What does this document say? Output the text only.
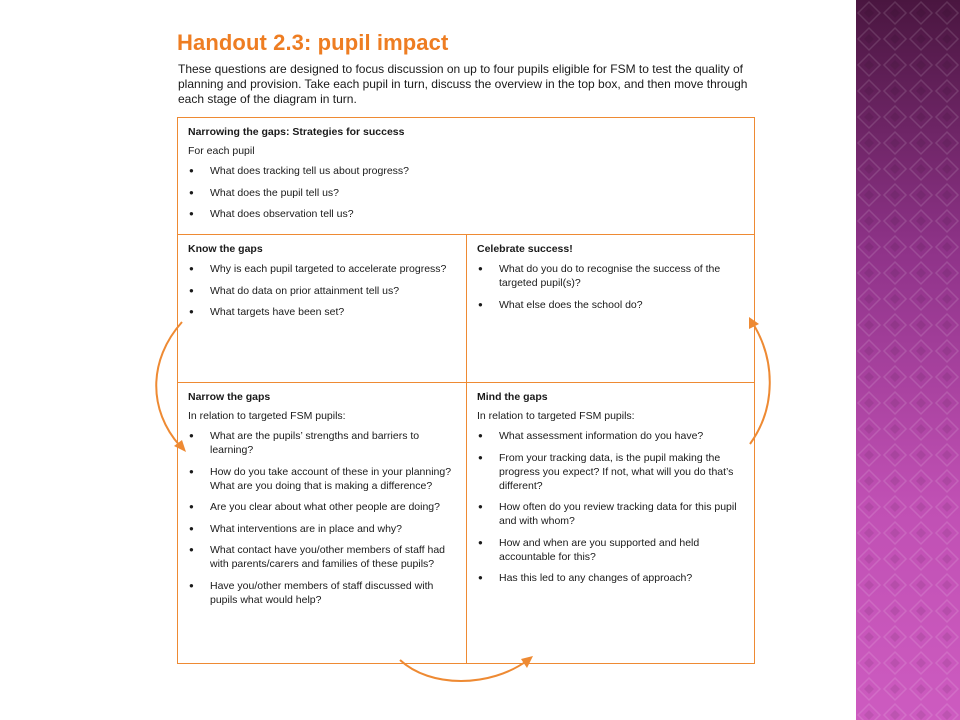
Handout 2.3: pupil impact

These questions are designed to focus discussion on up to four pupils eligible for FSM to test the quality of planning and provision. Take each pupil in turn, discuss the overview in the top box, and then move through each stage of the diagram in turn.

Narrowing the gaps: Strategies for success

For each pupil

● What does tracking tell us about progress?
● What does the pupil tell us?
● What does observation tell us?
Know the gaps
● Why is each pupil targeted to accelerate progress?
● What do data on prior attainment tell us?
● What targets have been set?
Celebrate success!
● What do you do to recognise the success of the targeted pupil(s)?
● What else does the school do?
Narrow the gaps

In relation to targeted FSM pupils:

● What are the pupils’ strengths and barriers to learning?
● How do you take account of these in your planning? What are you doing that is making a difference?
● Are you clear about what other people are doing?
● What interventions are in place and why?
● What contact have you/other members of staff had with parents/carers and families of these pupils?
● Have you/other members of staff discussed with pupils what would help?
Mind the gaps

In relation to targeted FSM pupils:

● What assessment information do you have?
● From your tracking data, is the pupil making the progress you expect? If not, what will you do that’s different?
● How often do you review tracking data for this pupil and with whom?
● How and when are you supported and held accountable for this?
● Has this led to any changes of approach?
